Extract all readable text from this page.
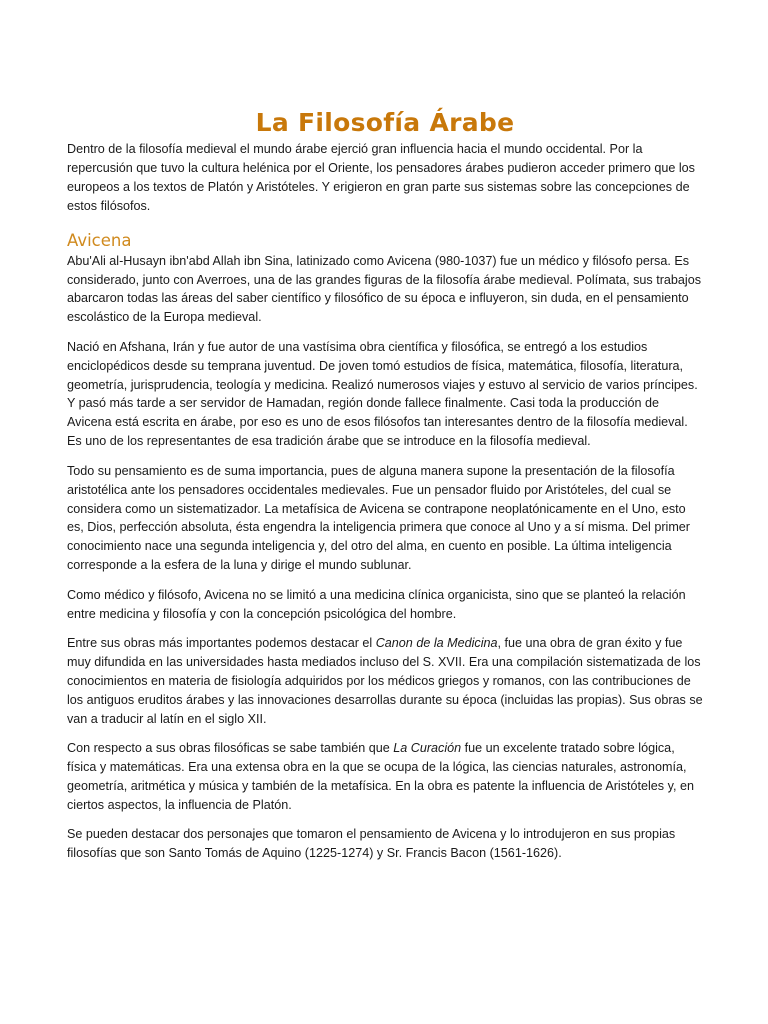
La Filosofía Árabe

Dentro de la filosofía medieval el mundo árabe ejerció gran influencia hacia el mundo occidental. Por la repercusión que tuvo la cultura helénica por el Oriente, los pensadores árabes pudieron acceder primero que los europeos a los textos de Platón y Aristóteles. Y erigieron en gran parte sus sistemas sobre las concepciones de estos filósofos.

Avicena

Abu'Ali al-Husayn ibn'abd Allah ibn Sina, latinizado como Avicena (980-1037) fue un médico y filósofo persa. Es considerado, junto con Averroes, una de las grandes figuras de la filosofía árabe medieval. Polímata, sus trabajos abarcaron todas las áreas del saber científico y filosófico de su época e influyeron, sin duda, en el pensamiento escolástico de la Europa medieval.

Nació en Afshana, Irán y fue autor de una vastísima obra científica y filosófica, se entregó a los estudios enciclopédicos desde su temprana juventud. De joven tomó estudios de física, matemática, filosofía, literatura, geometría, jurisprudencia, teología y medicina. Realizó numerosos viajes y estuvo al servicio de varios príncipes. Y pasó más tarde a ser servidor de Hamadan, región donde fallece finalmente. Casi toda la producción de Avicena está escrita en árabe, por eso es uno de esos filósofos tan interesantes dentro de la filosofía medieval. Es uno de los representantes de esa tradición árabe que se introduce en la filosofía medieval.

Todo su pensamiento es de suma importancia, pues de alguna manera supone la presentación de la filosofía aristotélica ante los pensadores occidentales medievales. Fue un pensador fluido por Aristóteles, del cual se considera como un sistematizador. La metafísica de Avicena se contrapone neoplatónicamente en el Uno, esto es, Dios, perfección absoluta, ésta engendra la inteligencia primera que conoce al Uno y a sí misma. Del primer conocimiento nace una segunda inteligencia y, del otro del alma, en cuento en posible. La última inteligencia corresponde a la esfera de la luna y dirige el mundo sublunar.

Como médico y filósofo, Avicena no se limitó a una medicina clínica organicista, sino que se planteó la relación entre medicina y filosofía y con la concepción psicológica del hombre.

Entre sus obras más importantes podemos destacar el Canon de la Medicina, fue una obra de gran éxito y fue muy difundida en las universidades hasta mediados incluso del S. XVII. Era una compilación sistematizada de los conocimientos en materia de fisiología adquiridos por los médicos griegos y romanos, con las contribuciones de los antiguos eruditos árabes y las innovaciones desarrollas durante su época (incluidas las propias). Sus obras se van a traducir al latín en el siglo XII.

Con respecto a sus obras filosóficas se sabe también que La Curación fue un excelente tratado sobre lógica, física y matemáticas. Era una extensa obra en la que se ocupa de la lógica, las ciencias naturales, astronomía, geometría, aritmética y música y también de la metafísica. En la obra es patente la influencia de Aristóteles y, en ciertos aspectos, la influencia de Platón.

Se pueden destacar dos personajes que tomaron el pensamiento de Avicena y lo introdujeron en sus propias filosofías que son Santo Tomás de Aquino (1225-1274) y Sr. Francis Bacon (1561-1626).
